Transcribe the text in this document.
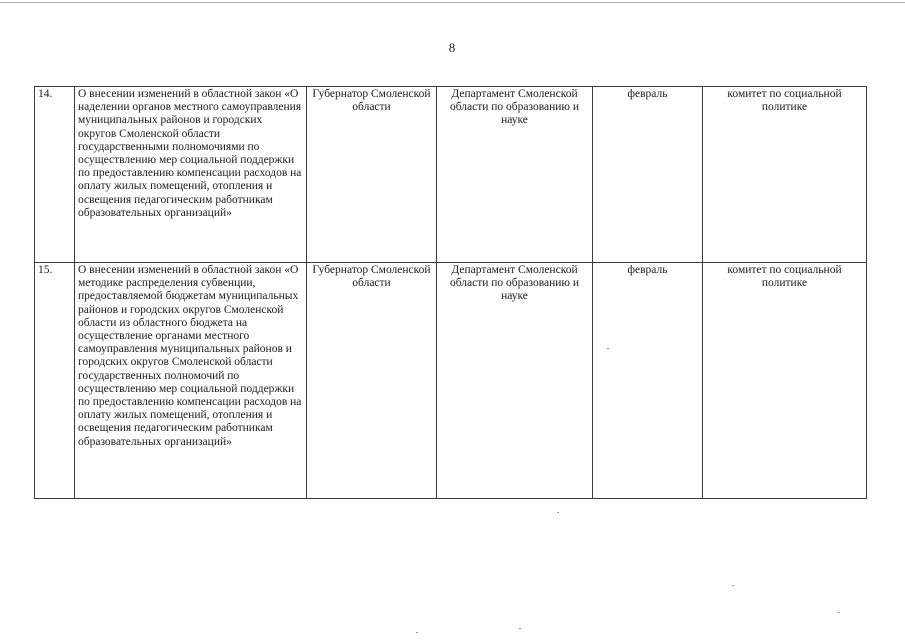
8
14.	О внесении изменений в областной закон «О наделении органов местного самоуправления муниципальных районов и городских округов Смоленской области государственными полномочиями по осуществлению мер социальной поддержки по предоставлению компенсации расходов на оплату жилых помещений, отопления и освещения педагогическим работникам образовательных организаций»	Губернатор Смоленской области	Департамент Смоленской области по образованию и науке	февраль	комитет по социальной политике
15.	О внесении изменений в областной закон «О методике распределения субвенции, предоставляемой бюджетам муниципальных районов и городских округов Смоленской области из областного бюджета на осуществление органами местного самоуправления муниципальных районов и городских округов Смоленской области государственных полномочий по осуществлению мер социальной поддержки по предоставлению компенсации расходов на оплату жилых помещений, отопления и освещения педагогическим работникам образовательных организаций»	Губернатор Смоленской области	Департамент Смоленской области по образованию и науке	февраль	комитет по социальной политике
